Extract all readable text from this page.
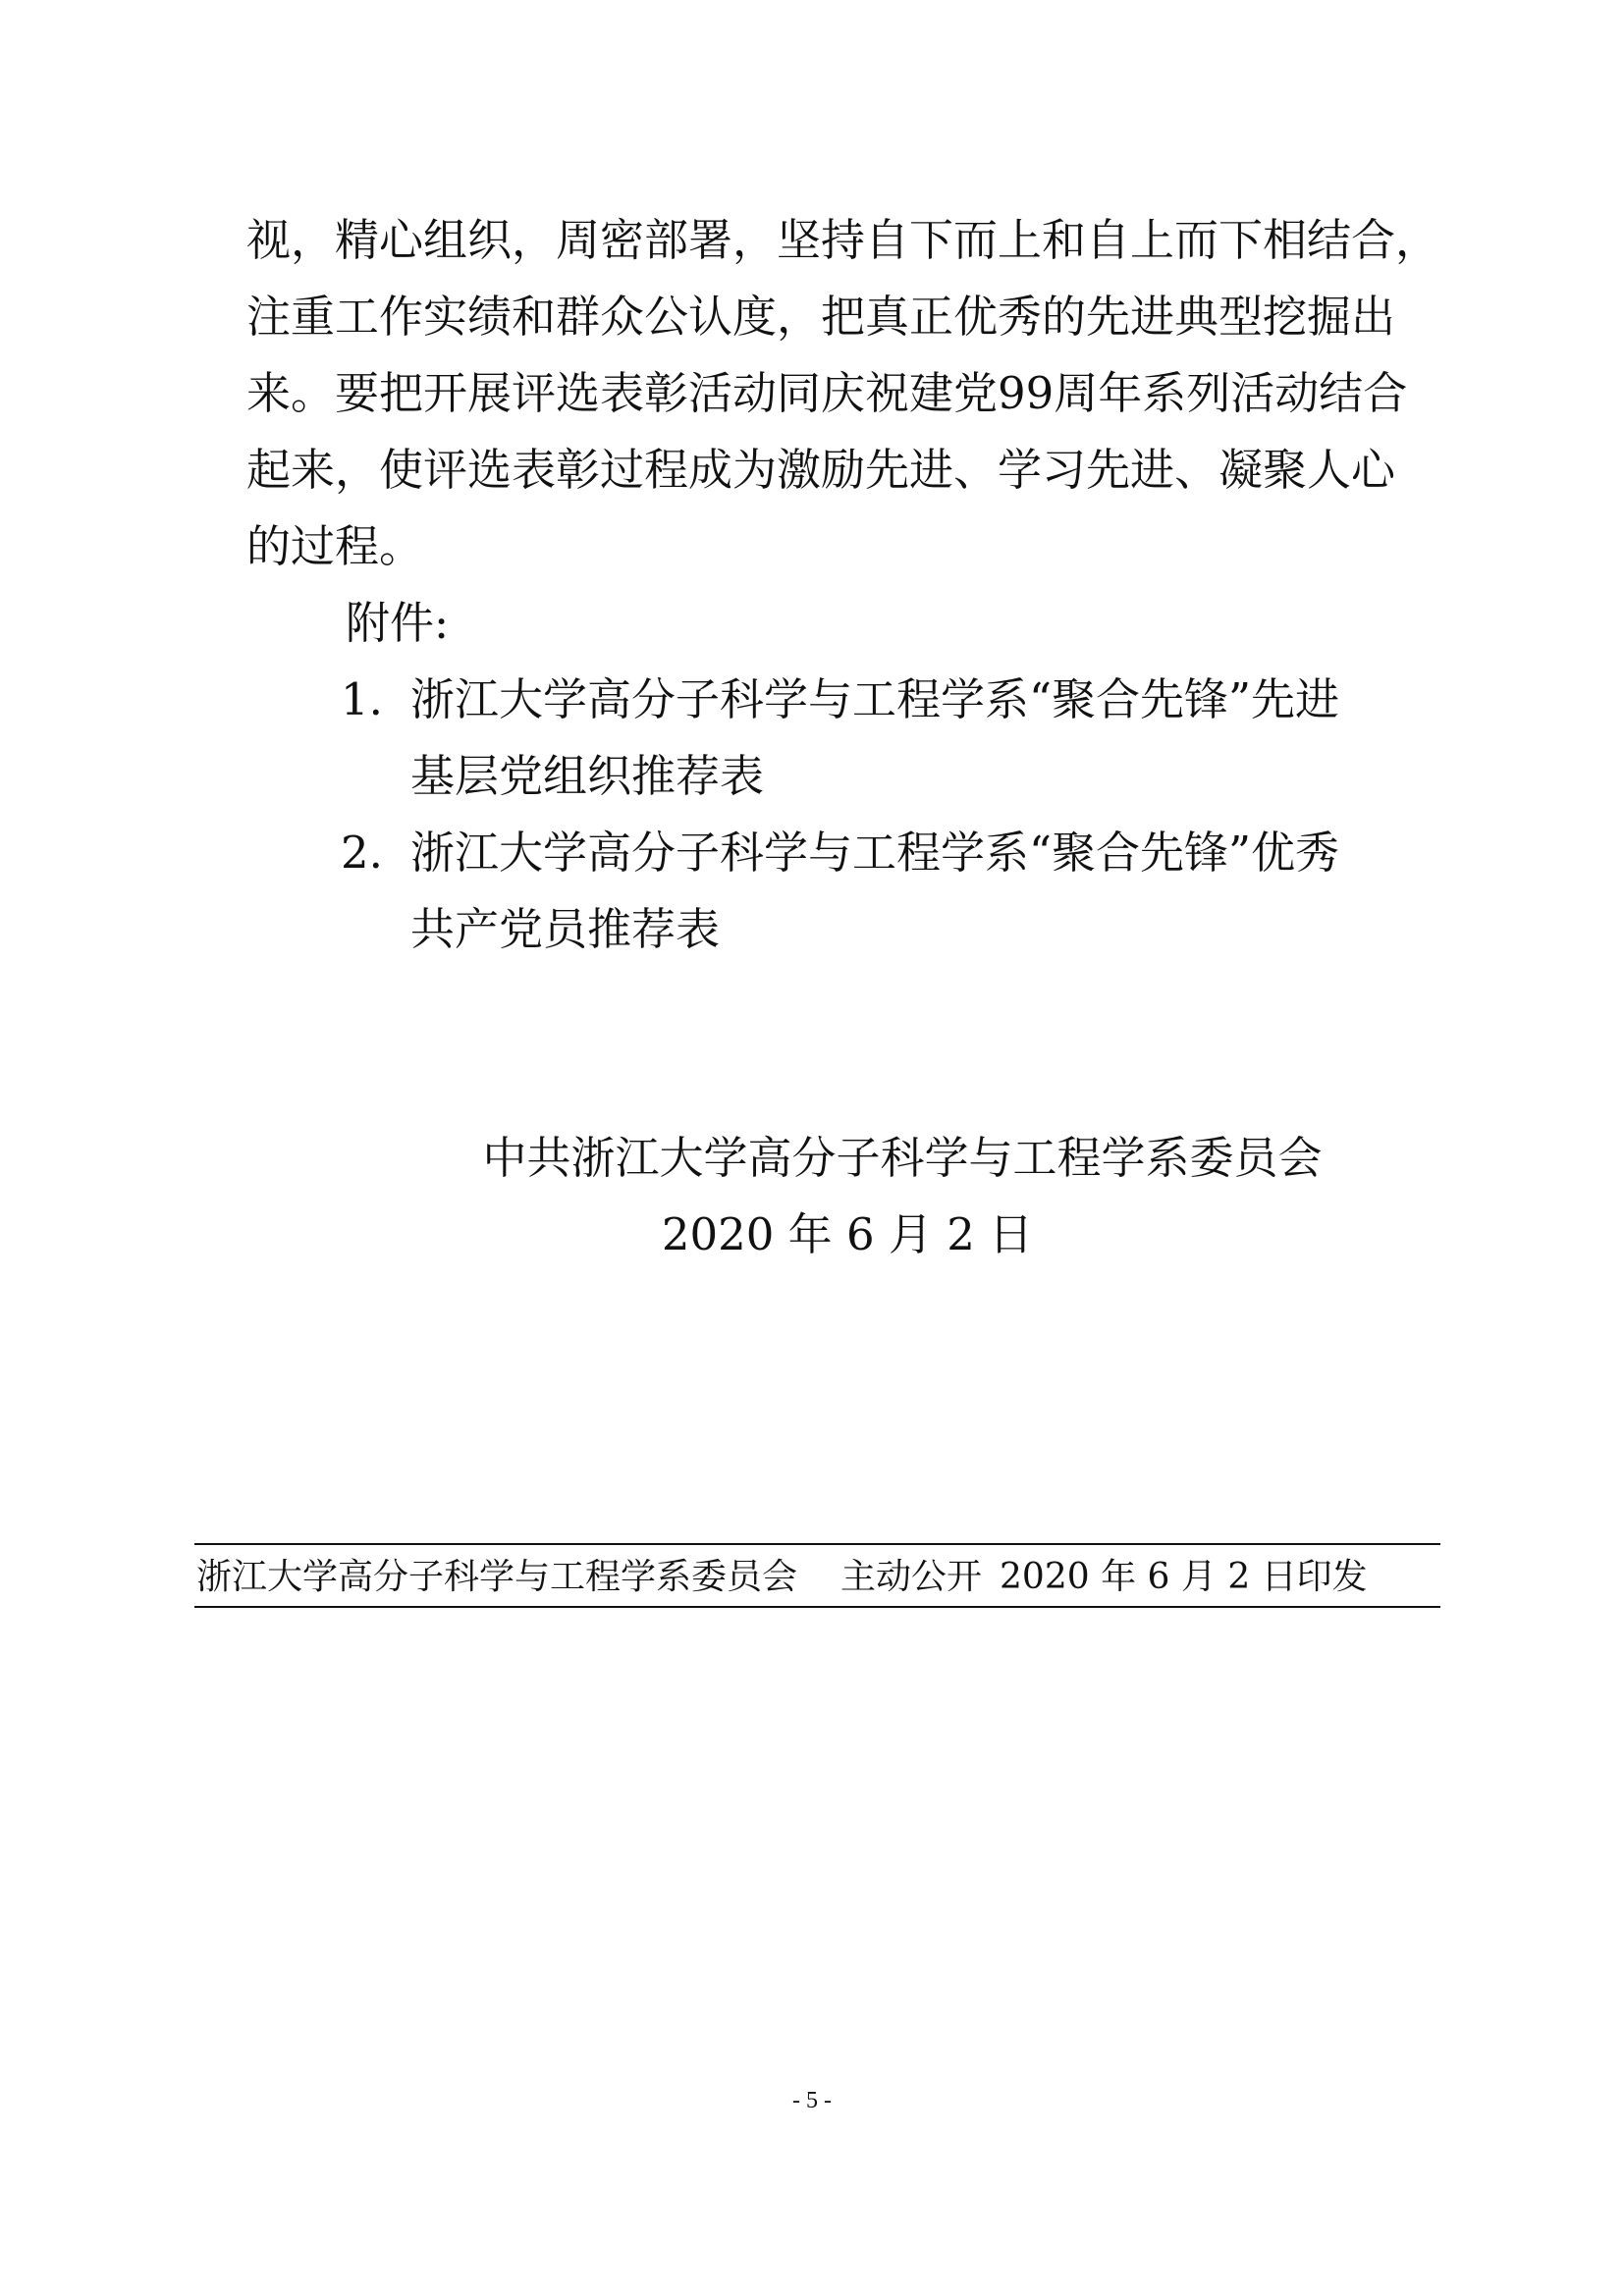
视，精心组织，周密部署，坚持自下而上和自上而下相结合，
注重工作实绩和群众公认度，把真正优秀的先进典型挖掘出
来。要把开展评选表彰活动同庆祝建党99周年系列活动结合
起来，使评选表彰过程成为激励先进、学习先进、凝聚人心
的过程。
附件:
1. 浙江大学高分子科学与工程学系“聚合先锋”先进
基层党组织推荐表
2. 浙江大学高分子科学与工程学系“聚合先锋”优秀
共产党员推荐表
中共浙江大学高分子科学与工程学系委员会
2020 年 6 月 2 日
浙江大学高分子科学与工程学系委员会 主动公开 2020 年 6 月 2 日印发
- 5 -
